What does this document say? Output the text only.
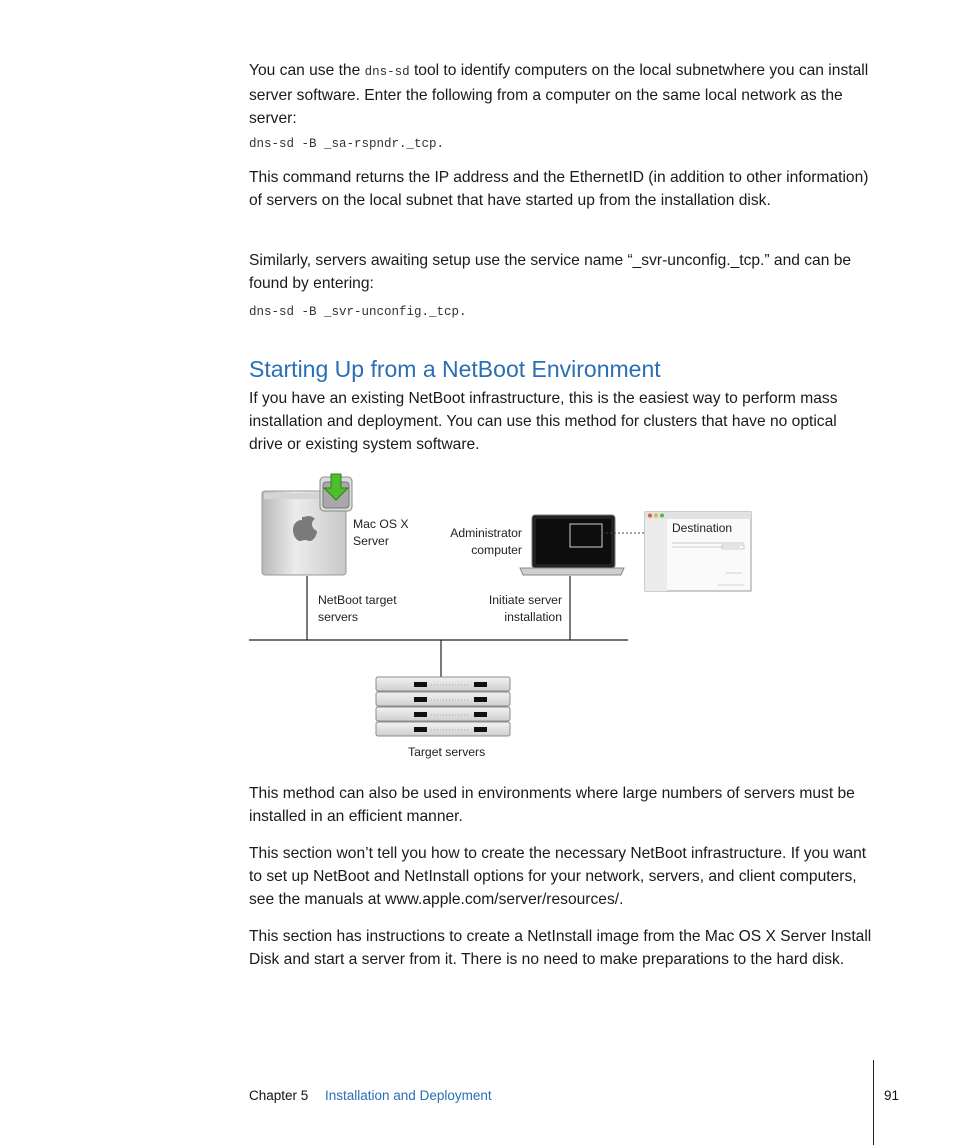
You can use the dns-sd tool to identify computers on the local subnetwhere you can install server software. Enter the following from a computer on the same local network as the server:

dns-sd -B _sa-rspndr._tcp.

This command returns the IP address and the EthernetID (in addition to other information) of servers on the local subnet that have started up from the installation disk.

Similarly, servers awaiting setup use the service name “_svr-unconfig._tcp.” and can be found by entering:

dns-sd -B _svr-unconfig._tcp.
Starting Up from a NetBoot Environment

If you have an existing NetBoot infrastructure, this is the easiest way to perform mass installation and deployment. You can use this method for clusters that have no optical drive or existing system software.

Mac OS X
Server
Administrator
computer
Destination
NetBoot target
servers
Initiate server
installation
Target servers

This method can also be used in environments where large numbers of servers must be installed in an efficient manner.

This section won’t tell you how to create the necessary NetBoot infrastructure. If you want to set up NetBoot and NetInstall options for your network, servers, and client computers, see the manuals at www.apple.com/server/resources/.

This section has instructions to create a NetInstall image from the Mac OS X Server Install Disk and start a server from it. There is no need to make preparations to the hard disk.

Chapter 5 Installation and Deployment	91
